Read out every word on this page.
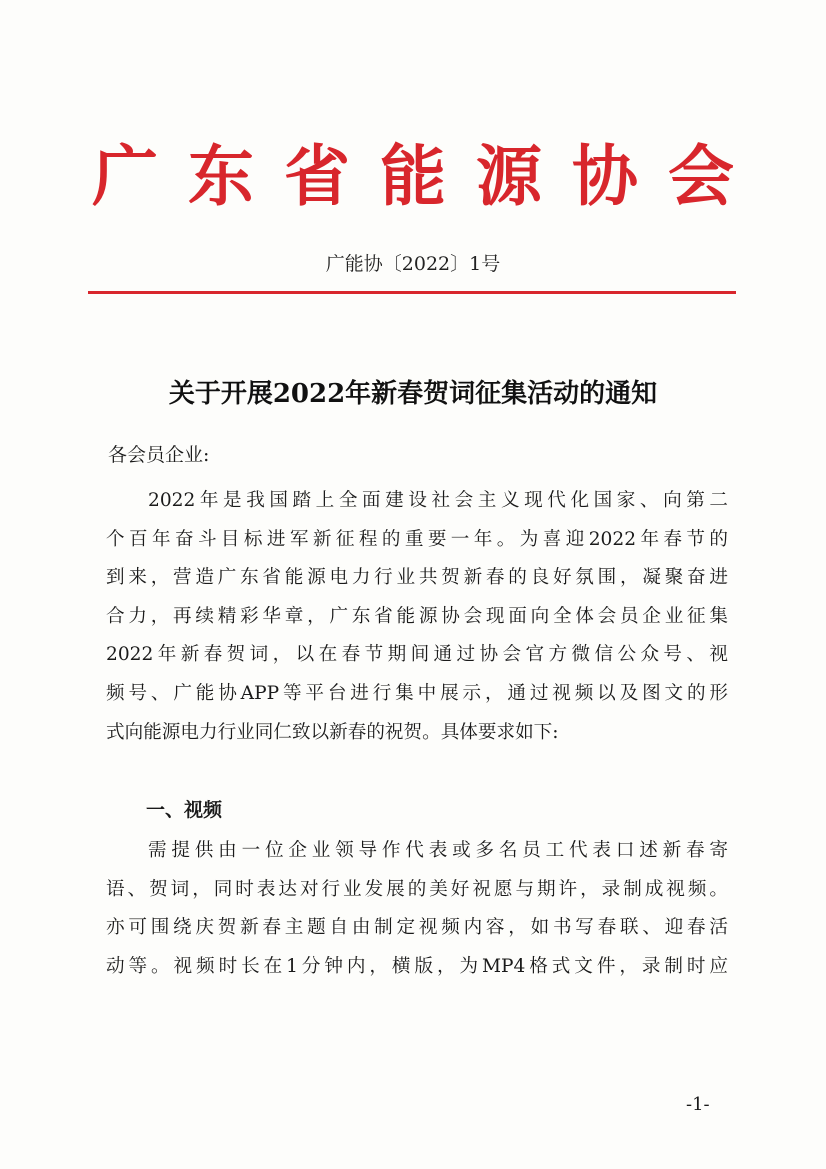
广东省能源协会
广能协〔2022〕1号
关于开展2022年新春贺词征集活动的通知
各会员企业:
2022年是我国踏上全面建设社会主义现代化国家、向第二
个百年奋斗目标进军新征程的重要一年。为喜迎2022年春节的
到来，营造广东省能源电力行业共贺新春的良好氛围，凝聚奋进
合力，再续精彩华章，广东省能源协会现面向全体会员企业征集
2022年新春贺词，以在春节期间通过协会官方微信公众号、视
频号、广能协APP等平台进行集中展示，通过视频以及图文的形
式向能源电力行业同仁致以新春的祝贺。具体要求如下:
一、视频
需提供由一位企业领导作代表或多名员工代表口述新春寄
语、贺词，同时表达对行业发展的美好祝愿与期许，录制成视频。
亦可围绕庆贺新春主题自由制定视频内容，如书写春联、迎春活
动等。视频时长在1分钟内，横版，为MP4格式文件，录制时应
-1-
